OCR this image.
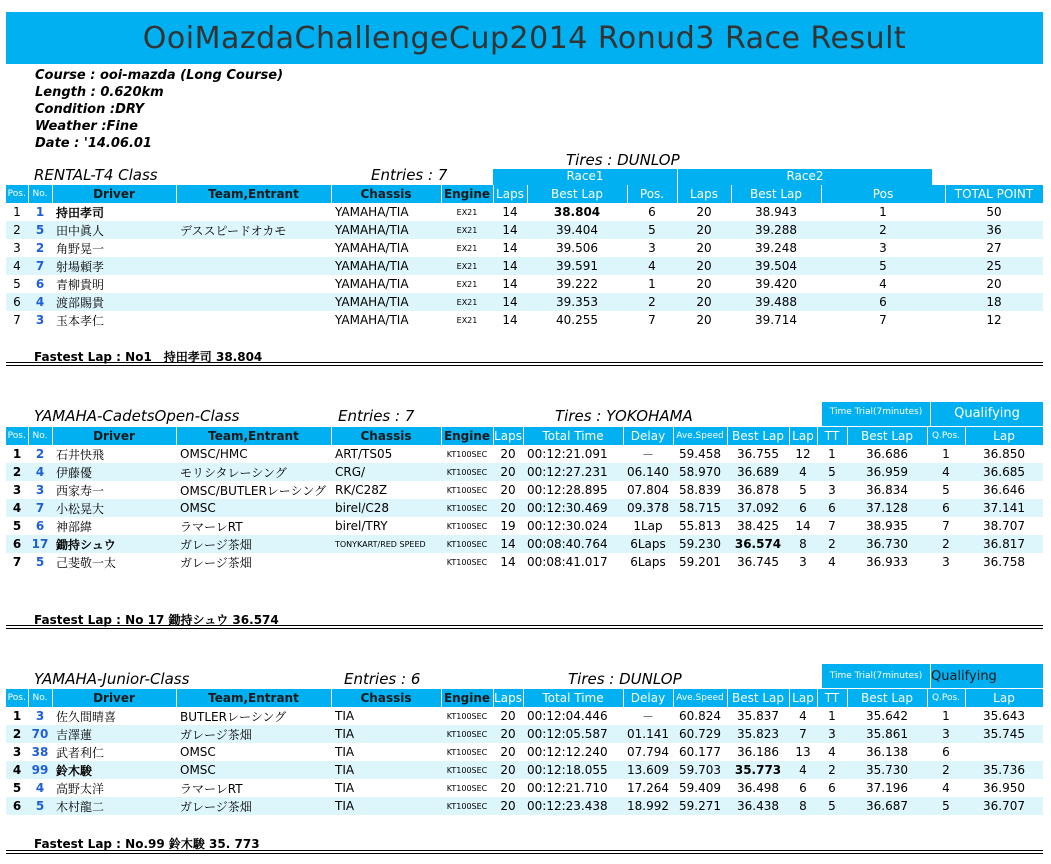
OoiMazdaChallengeCup2014 Ronud3 Race Result
Course : ooi-mazda (Long Course)
Length : 0.620km
Condition :DRY
Weather :Fine
Date : '14.06.01
RENTAL-T4 Class	Entries : 7
Tires : DUNLOP
Race1	Race2
Pos.	No.	Driver	Team,Entrant	Chassis	Engine	Laps	Best Lap	Pos.	Laps	Best Lap	Pos	TOTAL POINT
1	1	持田孝司		YAMAHA/TIA	EX21	14	38.804	6	20	38.943	1	50
2	5	田中眞人	デススピードオカモ	YAMAHA/TIA	EX21	14	39.404	5	20	39.288	2	36
3	2	角野晃一		YAMAHA/TIA	EX21	14	39.506	3	20	39.248	3	27
4	7	射場頼孝		YAMAHA/TIA	EX21	14	39.591	4	20	39.504	5	25
5	6	青柳貴明		YAMAHA/TIA	EX21	14	39.222	1	20	39.420	4	20
6	4	渡部賜貴		YAMAHA/TIA	EX21	14	39.353	2	20	39.488	6	18
7	3	玉本孝仁		YAMAHA/TIA	EX21	14	40.255	7	20	39.714	7	12
Fastest Lap : No1　持田孝司 38.804
YAMAHA-CadetsOpen-Class	Entries : 7	Tires : YOKOHAMA	Time Trial(7minutes)	Qualifying
Pos.	No.	Driver	Team,Entrant	Chassis	Engine	Laps	Total Time	Delay	Ave.Speed	Best Lap	Lap	TT	Best Lap	Q.Pos.	Lap
1	2	石井快飛	OMSC/HMC	ART/TS05	KT100SEC	20	00:12:21.091	－	59.458	36.755	12	1	36.686	1	36.850
2	4	伊藤優	モリシタレーシング	CRG/	KT100SEC	20	00:12:27.231	06.140	58.970	36.689	4	5	36.959	4	36.685
3	3	西家寿一	OMSC/BUTLERレーシング	RK/C28Z	KT100SEC	20	00:12:28.895	07.804	58.839	36.878	5	3	36.834	5	36.646
4	7	小松晃大	OMSC	birel/C28	KT100SEC	20	00:12:30.469	09.378	58.715	37.092	6	6	37.128	6	37.141
5	6	神部緯	ラマーレRT	birel/TRY	KT100SEC	19	00:12:30.024	1Lap	55.813	38.425	14	7	38.935	7	38.707
6	17	鋤持シュウ	ガレージ茶畑	TONYKART/RED SPEED	KT100SEC	14	00:08:40.764	6Laps	59.230	36.574	8	2	36.730	2	36.817
7	5	己斐敬一太	ガレージ茶畑		KT100SEC	14	00:08:41.017	6Laps	59.201	36.745	3	4	36.933	3	36.758
Fastest Lap : No 17 鋤持シュウ 36.574
YAMAHA-Junior-Class	Entries : 6	Tires : DUNLOP	Time Trial(7minutes) Qualifying
Pos.	No.	Driver	Team,Entrant	Chassis	Engine	Laps	Total Time	Delay	Ave.Speed	Best Lap	Lap	TT	Best Lap	Q.Pos.	Lap
1	3	佐久間晴喜	BUTLERレーシング	TIA	KT100SEC	20	00:12:04.446	－	60.824	35.837	4	1	35.642	1	35.643
2	70	吉澤蓮	ガレージ茶畑	TIA	KT100SEC	20	00:12:05.587	01.141	60.729	35.823	7	3	35.861	3	35.745
3	38	武者利仁	OMSC	TIA	KT100SEC	20	00:12:12.240	07.794	60.177	36.186	13	4	36.138	6	
4	99	鈴木駿	OMSC	TIA	KT100SEC	20	00:12:18.055	13.609	59.703	35.773	4	2	35.730	2	35.736
5	4	高野太洋	ラマーレRT	TIA	KT100SEC	20	00:12:21.710	17.264	59.409	36.498	6	6	37.196	4	36.950
6	5	木村龍二	ガレージ茶畑	TIA	KT100SEC	20	00:12:23.438	18.992	59.271	36.438	8	5	36.687	5	36.707
Fastest Lap : No.99 鈴木駿 35. 773
